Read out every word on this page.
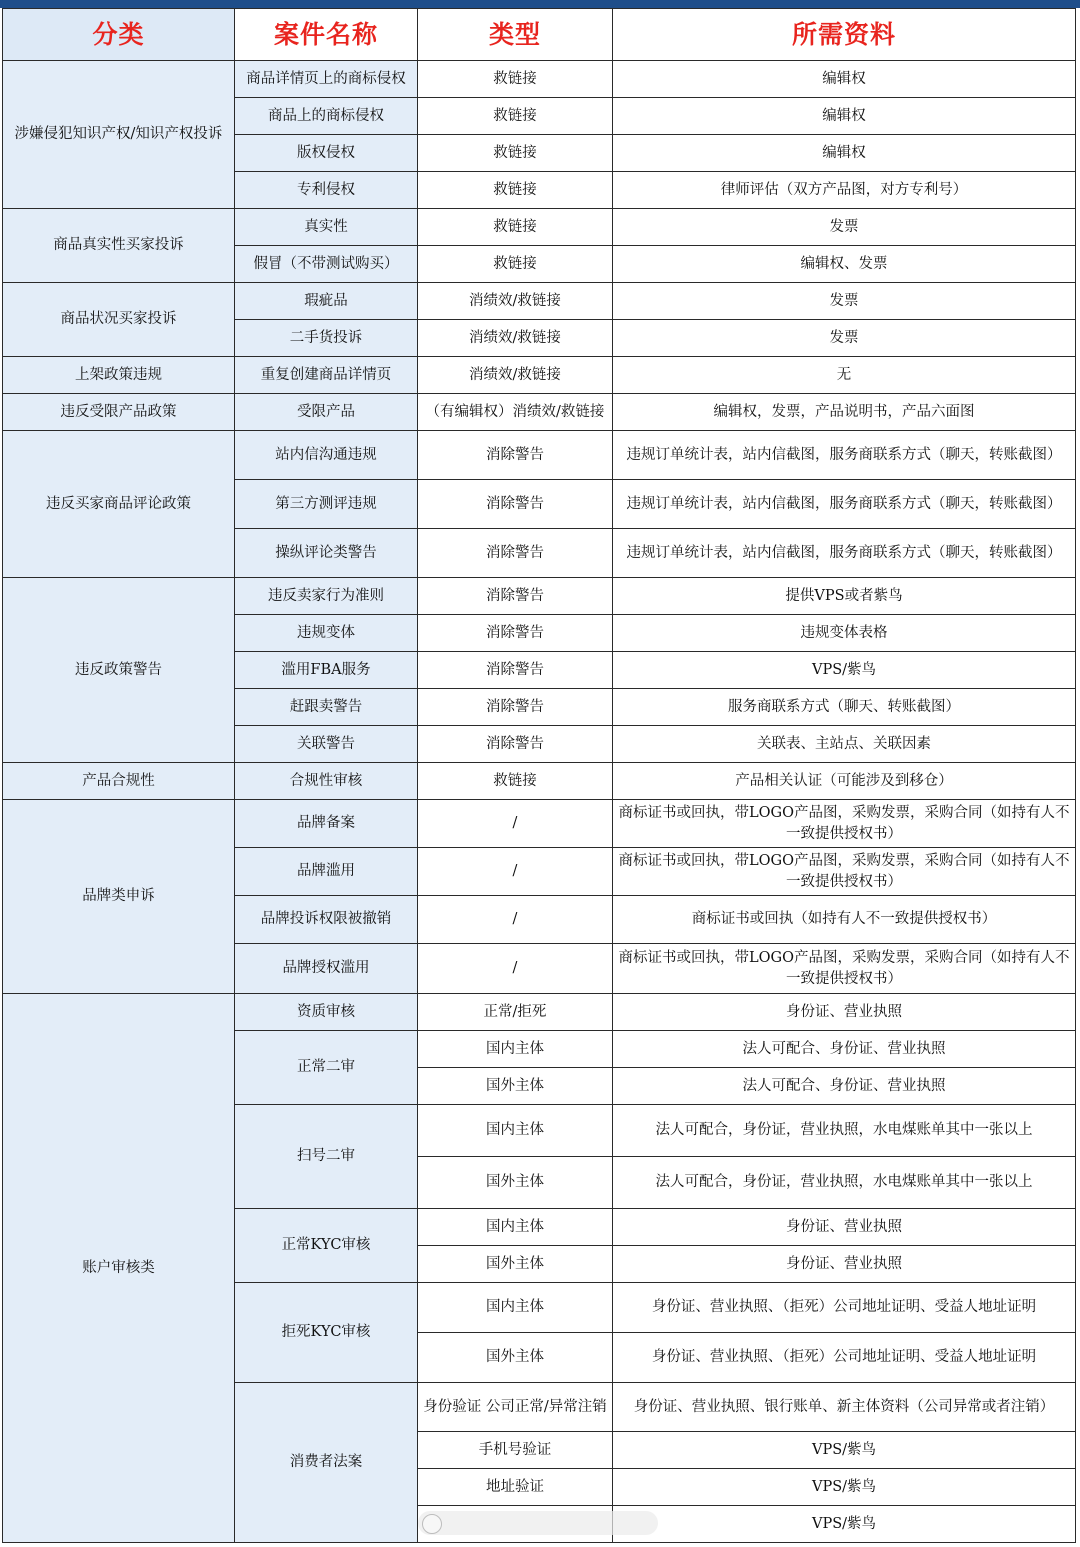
分类	案件名称	类型	所需资料
涉嫌侵犯知识产权/知识产权投诉	商品详情页上的商标侵权	救链接	编辑权
	商品上的商标侵权	救链接	编辑权
	版权侵权	救链接	编辑权
	专利侵权	救链接	律师评估（双方产品图，对方专利号）
商品真实性买家投诉	真实性	救链接	发票
	假冒（不带测试购买）	救链接	编辑权、发票
商品状况买家投诉	瑕疵品	消绩效/救链接	发票
	二手货投诉	消绩效/救链接	发票
上架政策违规	重复创建商品详情页	消绩效/救链接	无
违反受限产品政策	受限产品	（有编辑权）消绩效/救链接	编辑权，发票，产品说明书，产品六面图
违反买家商品评论政策	站内信沟通违规	消除警告	违规订单统计表，站内信截图，服务商联系方式（聊天，转账截图）
	第三方测评违规	消除警告	违规订单统计表，站内信截图，服务商联系方式（聊天，转账截图）
	操纵评论类警告	消除警告	违规订单统计表，站内信截图，服务商联系方式（聊天，转账截图）
违反政策警告	违反卖家行为准则	消除警告	提供VPS或者紫鸟
	违规变体	消除警告	违规变体表格
	滥用FBA服务	消除警告	VPS/紫鸟
	赶跟卖警告	消除警告	服务商联系方式（聊天、转账截图）
	关联警告	消除警告	关联表、主站点、关联因素
产品合规性	合规性审核	救链接	产品相关认证（可能涉及到移仓）
品牌类申诉	品牌备案	/	商标证书或回执，带LOGO产品图，采购发票，采购合同（如持有人不一致提供授权书）
	品牌滥用	/	商标证书或回执，带LOGO产品图，采购发票，采购合同（如持有人不一致提供授权书）
	品牌投诉权限被撤销	/	商标证书或回执（如持有人不一致提供授权书）
	品牌授权滥用	/	商标证书或回执，带LOGO产品图，采购发票，采购合同（如持有人不一致提供授权书）
账户审核类	资质审核	正常/拒死	身份证、营业执照
	正常二审	国内主体	法人可配合、身份证、营业执照
		国外主体	法人可配合、身份证、营业执照
	扫号二审	国内主体	法人可配合，身份证，营业执照，水电煤账单其中一张以上
		国外主体	法人可配合，身份证，营业执照，水电煤账单其中一张以上
	正常KYC审核	国内主体	身份证、营业执照
		国外主体	身份证、营业执照
	拒死KYC审核	国内主体	身份证、营业执照、（拒死）公司地址证明、受益人地址证明
		国外主体	身份证、营业执照、（拒死）公司地址证明、受益人地址证明
	消费者法案	身份验证 公司正常/异常注销	身份证、营业执照、银行账单、新主体资料（公司异常或者注销）
		手机号验证	VPS/紫鸟
		地址验证	VPS/紫鸟
			VPS/紫鸟
